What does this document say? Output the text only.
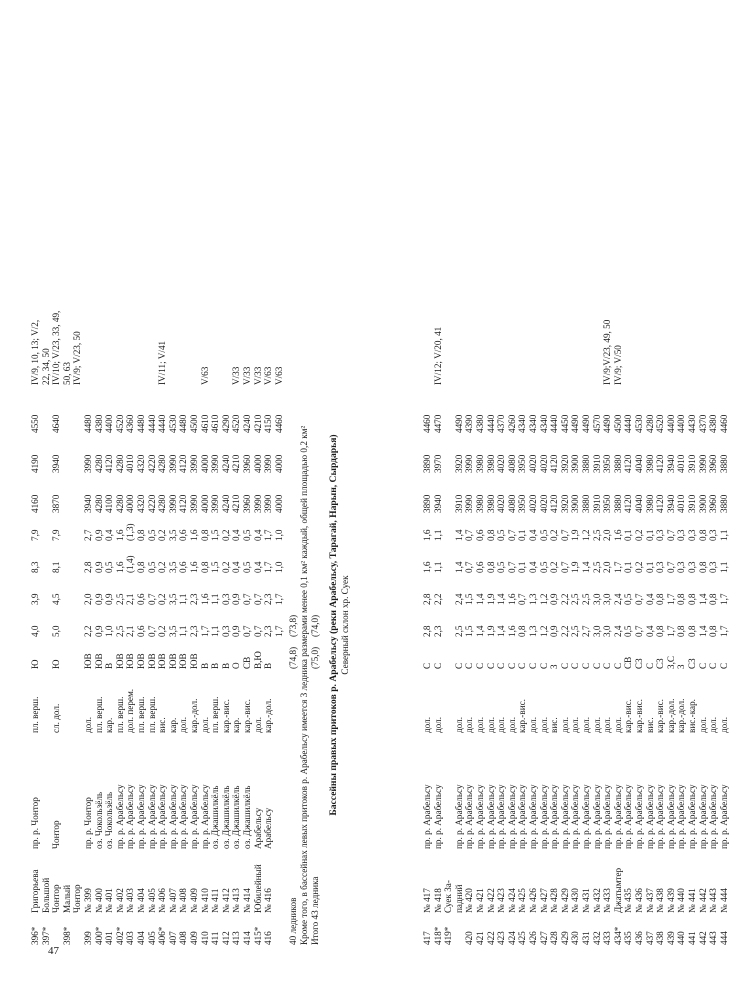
396*
Григорьева
пр. р. Чонтор
пл. верш.
Ю
4,0
3,9
8,3
7,9
4160
4190
4550
IV/9, 10, 13; V/2,
397*
Большой
22, 34, 50
Чонтор
Чонтор
сл. дол.
Ю
5,0
4,5
8,1
7,9
3870
3940
4640
IV/10; V/23, 33, 49,
398*
Малый
50, 63
Чонтор
IV/9; V/23, 50
399
№ 399
пр. р. Чонтор
дол.
ЮВ
2,2
2,0
2,8
2,7
3940
3990
4480
400*
№ 400
оз. Чокользёль
пл. верш.
ЮВ
0,9
0,9
0,9
0,9
4280
4280
4380
401
№ 401
оз. Чокользёль
кар.
В
1,0
0,9
0,5
0,4
4100
4120
4400
402*
№ 402
пр. р. Арабельсу
пл. верш.
ЮВ
2,5
2,5
1,6
1,6
4280
4280
4520
403
№ 403
пр. р. Арабельсу
дол. перем.
ЮВ
2,1
2,1
(1,4)
(1,3)
4000
4010
4360
404
№ 404
пр. р. Арабельсу
пл. верш.
ЮВ
0,6
0,6
0,8
0,8
4320
4320
4480
405
№ 405
пр. р. Арабельсу
пл. верш.
ЮВ
0,7
0,7
0,5
0,5
4220
4220
4440
406*
№ 406
пр. р. Арабельсу
вис.
ЮВ
0,2
0,2
0,2
0,2
4280
4280
4440
IV/11; V/41
407
№ 407
пр. р. Арабельсу
кар.
ЮВ
3,5
3,5
3,5
3,5
3990
3990
4530
408
№ 408
пр. р. Арабельсу
дол.
ЮВ
1,1
1,1
0,6
0,6
4120
4120
4480
409
№ 409
пр. р. Арабельсу
кар.-дол.
ЮВ
2,3
2,3
1,6
1,6
3990
3990
4500
410
№ 410
пр. р. Арабельсу
дол.
В
1,7
1,6
0,8
0,8
4000
4000
4610
V/63
411
№ 411
оз. Джашилкёль
пл. верш.
В
1,1
1,1
1,5
1,5
3990
3990
4610
412
№ 412
оз. Джашилкёль
кар.-вис.
В
0,3
0,3
0,2
0,2
4240
4240
4290
413
№ 413
оз. Джашилкёль
кар.
О
0,9
0,9
0,4
0,4
4210
4210
4520
V/33
414
№ 414
оз. Джашилкёль
кар.-вис.
СВ
0,7
0,7
0,5
0,5
3960
3960
4240
V/33
415*
Юбилейный
Арабельсу
дол.
В,Ю
0,7
0,7
0,4
0,4
3990
4000
4210
V/33
416
№ 416
Арабельсу
кар.-дол.
В
2,3
2,3
1,7
1,7
3990
3990
4150
V/63
1,7
1,7
1,0
1,0
4000
4000
4460
V/63
40 ледников
(74,8)
(73,8) Кроме того, в бассейнах левых притоков р. Арабельсу имеется 3 ледника размерами менее 0,1 км² каждый, общей площадью 0,2 км² Итого 43 ледника
(75,0)
(74,0) Бассейны правых притоков р. Арабельсу (реки Арабельсу, Тарагай, Нарын, Сырдарья) Северный склон хр. Суек
417
№ 417
пр. р. Арабельсу
дол.
С
2,8
2,8
1,6
1,6
3890
3890
4460
418*
№ 418
пр. р. Арабельсу
дол.
С
2,3
2,2
1,1
1,1
3940
3970
4470
IV/12; V/20, 41
419*
Суек За- падний
пр. р. Арабельсу
дол.
С
2,5
2,4
1,4
1,4
3910
3920
4490
420
№ 420
пр. р. Арабельсу
дол.
С
1,5
1,5
0,7
0,7
3990
3990
4390
421
№ 421
пр. р. Арабельсу
дол.
С
1,4
1,4
0,6
0,6
3980
3980
4380
422
№ 422
пр. р. Арабельсу
дол.
С
1,9
1,9
0,8
0,8
3980
3980
4440
423
№ 423
пр. р. Арабельсу
дол.
С
1,4
1,4
0,5
0,5
4020
4020
4370
424
№ 424
пр. р. Арабельсу
дол.
С
1,6
1,6
0,7
0,7
4080
4080
4260
425
№ 425
пр. р. Арабельсу
кар.-вис.
С
0,8
0,7
0,1
0,1
3950
3950
4340
426
№ 426
пр. р. Арабельсу
дол.
С
1,3
1,3
0,4
0,4
4020
4020
4340
427
№ 427
пр. р. Арабельсу
дол.
С
1,2
1,2
0,5
0,5
4020
4020
4340
428
№ 428
пр. р. Арабельсу
вис.
З
0,9
0,9
0,2
0,2
4120
4120
4440
429
№ 429
пр. р. Арабельсу
дол.
С
2,2
2,2
0,7
0,7
3920
3920
4450
430
№ 430
пр. р. Арабельсу
дол.
С
2,5
2,5
1,9
1,9
3900
3900
4490
431
№ 431
пр. р. Арабельсу
дол.
С
2,7
2,5
1,4
1,2
3880
3880
4490
432
№ 432
пр. р. Арабельсу
дол.
С
3,0
3,0
2,5
2,5
3910
3910
4570
433
№ 433
пр. р. Арабельсу
дол.
С
3,0
3,0
2,0
2,0
3950
3950
4490
IV/9;V/23, 49, 50
434*
Джатымтер
пр. р. Арабельсу
дол.
С
2,4
2,4
1,7
1,6
3880
3880
4500
IV/9; V/50
435
№ 435
пр. р. Арабельсу
кар.-вис.
СВ
0,5
0,5
0,1
0,1
4120
4120
4440
436
№ 436
пр. р. Арабельсу
кар.-вис.
СЗ
0,7
0,7
0,2
0,2
4040
4040
4530
437
№ 437
пр. р. Арабельсу
вис.
С
0,4
0,4
0,1
0,1
3980
3980
4280
438
№ 438
пр. р. Арабельсу
кар.-вис.
СЗ
0,8
0,8
0,3
0,3
4120
4120
4520
439
№ 439
пр. р. Арабельсу
кар.-дол.
З,С
1,7
1,7
0,7
0,7
3940
3940
4400
440
№ 440
пр. р. Арабельсу
кар.-дол.
З
0,8
0,8
0,3
0,3
4010
4010
4400
441
№ 441
пр. р. Арабельсу
вис.-кар.
СЗ
0,8
0,8
0,3
0,3
3910
3910
4430
442
№ 442
пр. р. Арабельсу
дол.
С
1,4
1,4
0,8
0,8
3900
3990
4370
443
№ 443
пр. р. Арабельсу
дол.
С
0,8
0,8
0,3
0,3
3960
3960
4380
444
№ 444
пр. р. Арабельсу
дол.
С
1,7
1,7
1,1
1,1
3880
3880
4460
47
